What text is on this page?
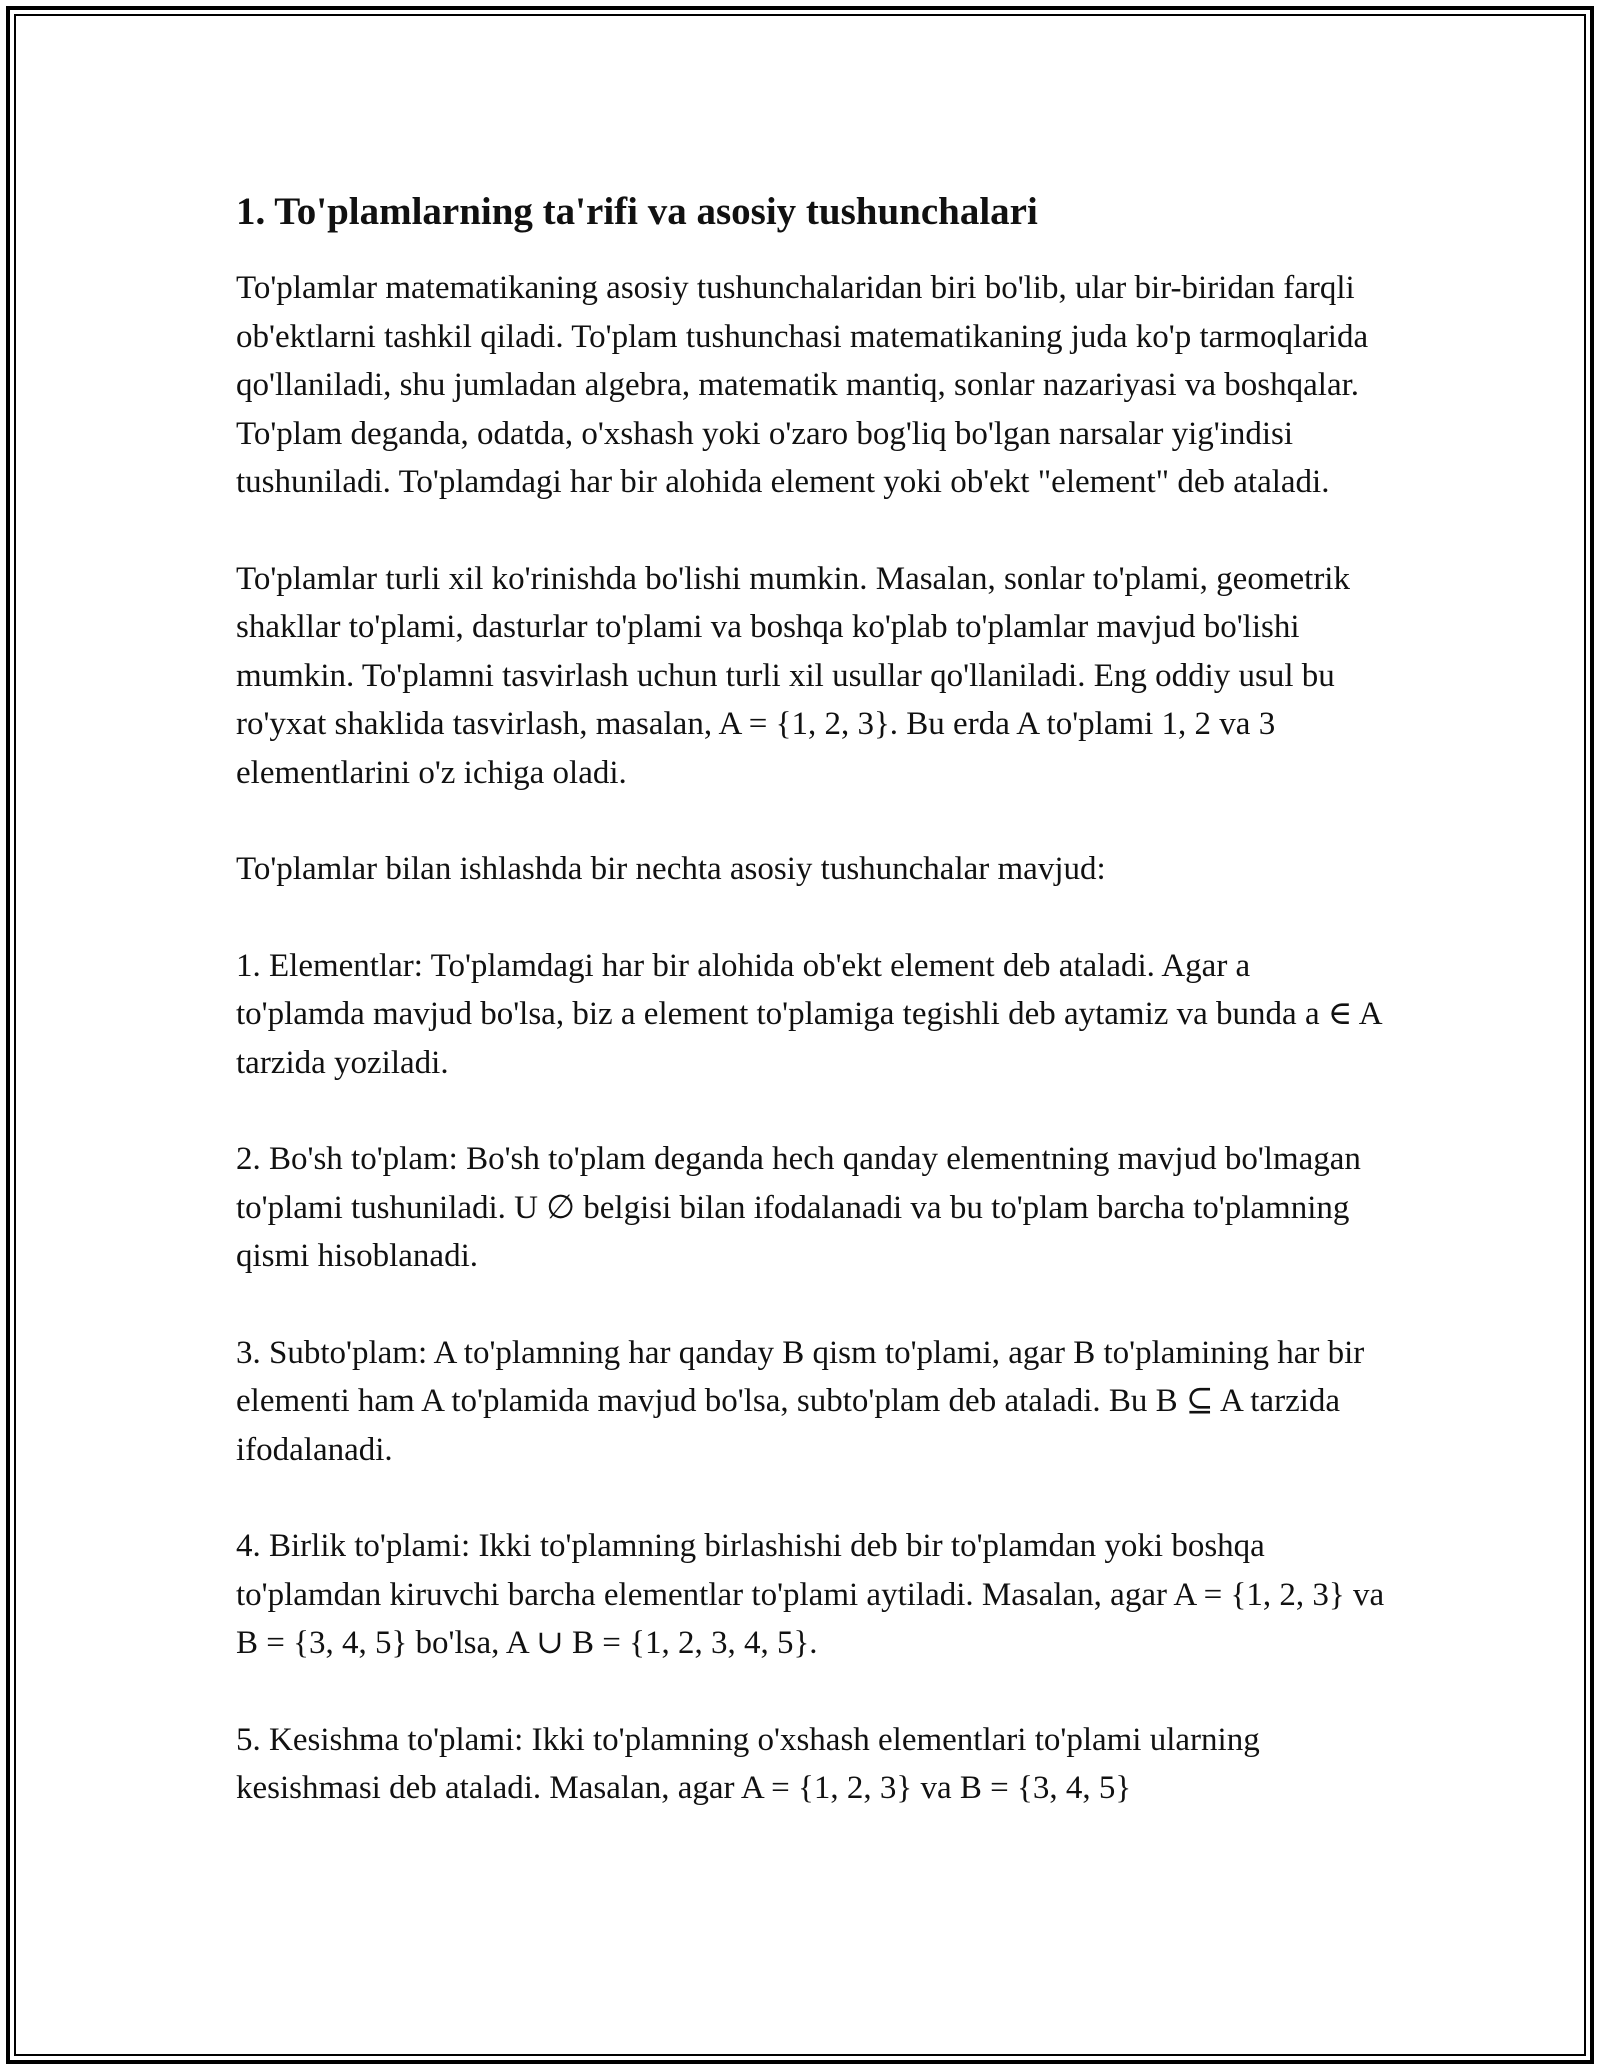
1. To'plamlarning ta'rifi va asosiy tushunchalari

To'plamlar matematikaning asosiy tushunchalaridan biri bo'lib, ular bir-biridan farqli ob'ektlarni tashkil qiladi. To'plam tushunchasi matematikaning juda ko'p tarmoqlarida qo'llaniladi, shu jumladan algebra, matematik mantiq, sonlar nazariyasi va boshqalar. To'plam deganda, odatda, o'xshash yoki o'zaro bog'liq bo'lgan narsalar yig'indisi tushuniladi. To'plamdagi har bir alohida element yoki ob'ekt "element" deb ataladi.

To'plamlar turli xil ko'rinishda bo'lishi mumkin. Masalan, sonlar to'plami, geometrik shakllar to'plami, dasturlar to'plami va boshqa ko'plab to'plamlar mavjud bo'lishi mumkin. To'plamni tasvirlash uchun turli xil usullar qo'llaniladi. Eng oddiy usul bu ro'yxat shaklida tasvirlash, masalan, A = {1, 2, 3}. Bu erda A to'plami 1, 2 va 3 elementlarini o'z ichiga oladi.

To'plamlar bilan ishlashda bir nechta asosiy tushunchalar mavjud:

1. Elementlar: To'plamdagi har bir alohida ob'ekt element deb ataladi. Agar a to'plamda mavjud bo'lsa, biz a element to'plamiga tegishli deb aytamiz va bunda a ∈ A tarzida yoziladi.

2. Bo'sh to'plam: Bo'sh to'plam deganda hech qanday elementning mavjud bo'lmagan to'plami tushuniladi. U ∅ belgisi bilan ifodalanadi va bu to'plam barcha to'plamning qismi hisoblanadi.

3. Subto'plam: A to'plamning har qanday B qism to'plami, agar B to'plamining har bir elementi ham A to'plamida mavjud bo'lsa, subto'plam deb ataladi. Bu B ⊆ A tarzida ifodalanadi.

4. Birlik to'plami: Ikki to'plamning birlashishi deb bir to'plamdan yoki boshqa to'plamdan kiruvchi barcha elementlar to'plami aytiladi. Masalan, agar A = {1, 2, 3} va B = {3, 4, 5} bo'lsa, A ∪ B = {1, 2, 3, 4, 5}.

5. Kesishma to'plami: Ikki to'plamning o'xshash elementlari to'plami ularning kesishmasi deb ataladi. Masalan, agar A = {1, 2, 3} va B = {3, 4, 5}
